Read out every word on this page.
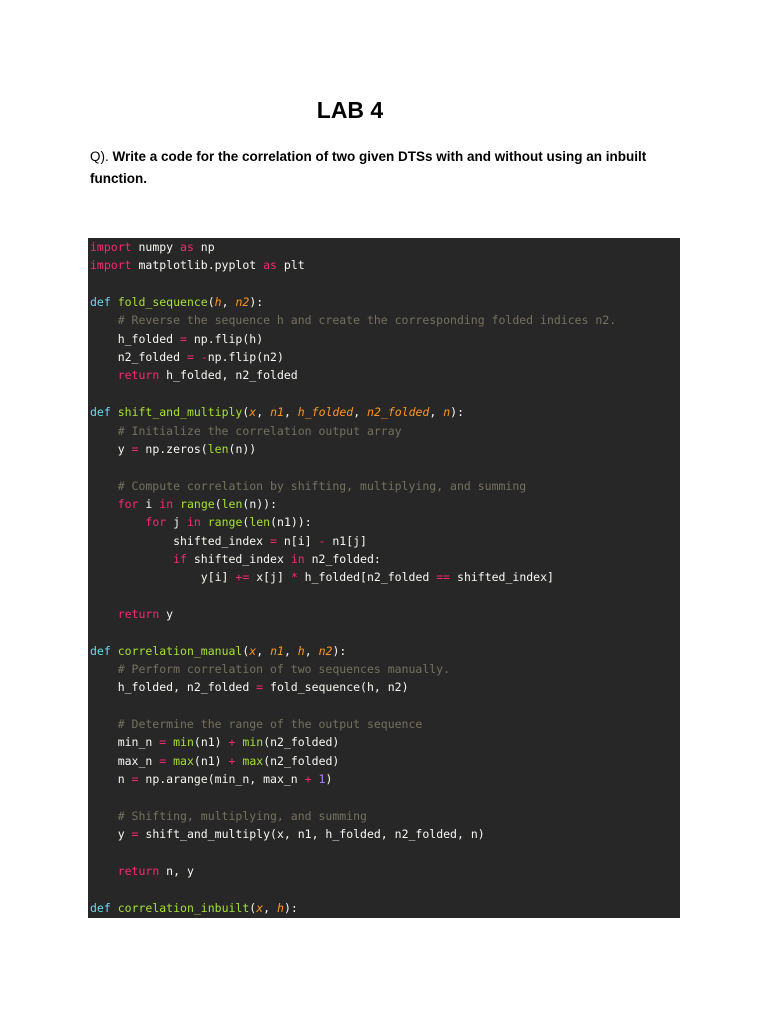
LAB 4
Q). Write a code for the correlation of two given DTSs with and without using an inbuilt function.
import numpy as np
import matplotlib.pyplot as plt
def fold_sequence(h, n2):
# Reverse the sequence h and create the corresponding folded indices n2.
h_folded = np.flip(h)
n2_folded = -np.flip(n2)
return h_folded, n2_folded
def shift_and_multiply(x, n1, h_folded, n2_folded, n):
# Initialize the correlation output array
y = np.zeros(len(n))
# Compute correlation by shifting, multiplying, and summing
for i in range(len(n)):
for j in range(len(n1)):
shifted_index = n[i] - n1[j]
if shifted_index in n2_folded:
y[i] += x[j] * h_folded[n2_folded == shifted_index]
return y
def correlation_manual(x, n1, h, n2):
# Perform correlation of two sequences manually.
h_folded, n2_folded = fold_sequence(h, n2)
# Determine the range of the output sequence
min_n = min(n1) + min(n2_folded)
max_n = max(n1) + max(n2_folded)
n = np.arange(min_n, max_n + 1)
# Shifting, multiplying, and summing
y = shift_and_multiply(x, n1, h_folded, n2_folded, n)
return n, y
def correlation_inbuilt(x, h):
